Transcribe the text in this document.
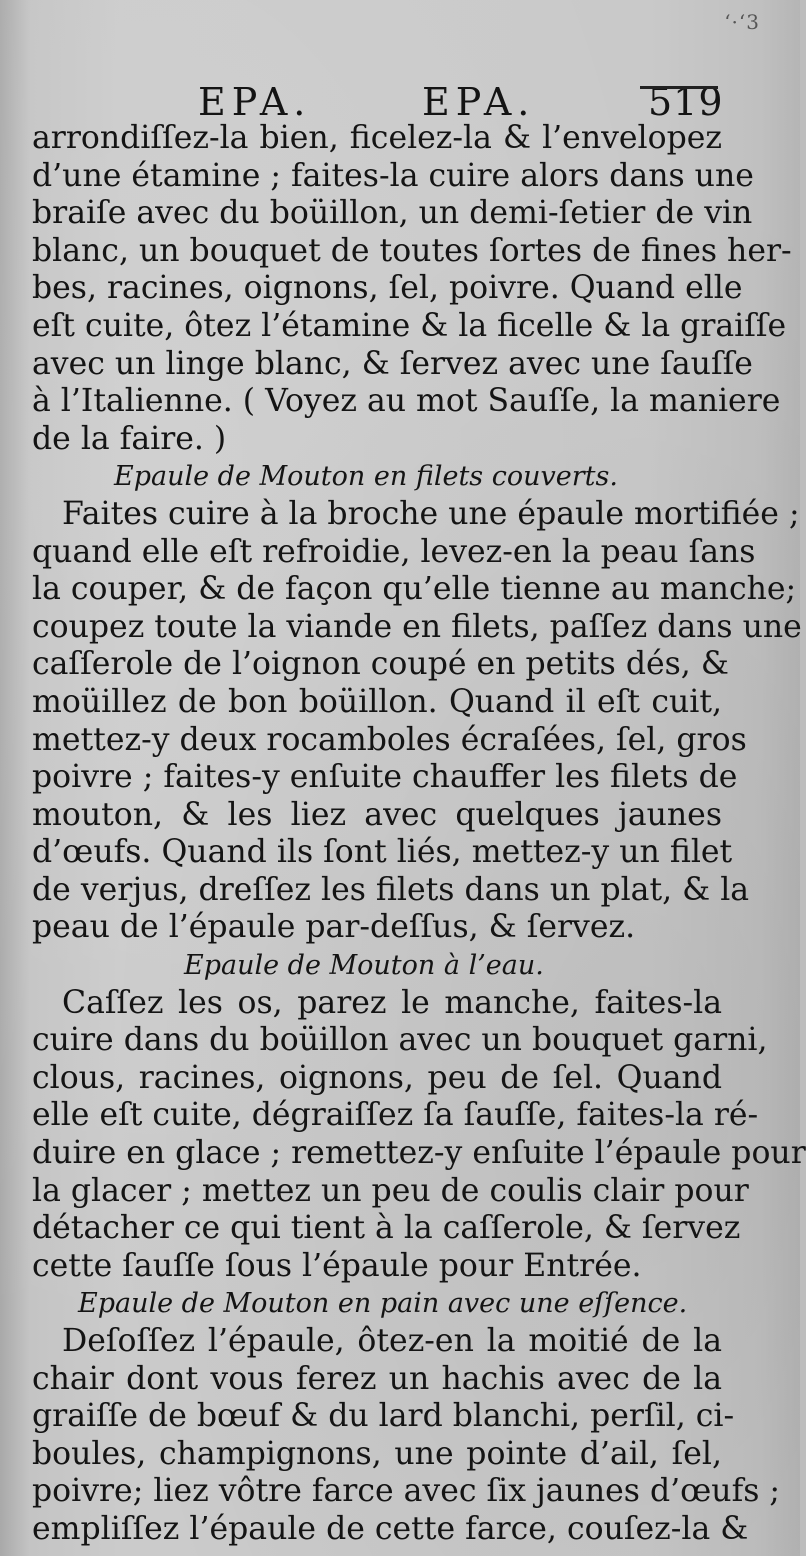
ʻ·ʻ3
EPA.	EPA.	519
arrondiſſez-la bien, ficelez-la & l’envelopez
d’une étamine ; faites-la cuire alors dans une
braiſe avec du boüillon, un demi-ſetier de vin
blanc, un bouquet de toutes ſortes de fines her-
bes, racines, oignons, ſel, poivre. Quand elle
eſt cuite, ôtez l’étamine & la ficelle & la graiſſe
avec un linge blanc, & ſervez avec une ſauſſe
à l’Italienne. ( Voyez au mot Sauſſe, la maniere
de la faire. )
Epaule de Mouton en filets couverts.
Faites cuire à la broche une épaule mortifiée ;
quand elle eſt refroidie, levez-en la peau ſans
la couper, & de façon qu’elle tienne au manche;
coupez toute la viande en filets, paſſez dans une
caſſerole de l’oignon coupé en petits dés, &
moüillez de bon boüillon. Quand il eſt cuit,
mettez-y deux rocamboles écraſées, ſel, gros
poivre ; faites-y enſuite chauffer les filets de
mouton, & les liez avec quelques jaunes
d’œufs. Quand ils ſont liés, mettez-y un filet
de verjus, dreſſez les filets dans un plat, & la
peau de l’épaule par-deſſus, & ſervez.
Epaule de Mouton à l’eau.
Caſſez les os, parez le manche, faites-la
cuire dans du boüillon avec un bouquet garni,
clous, racines, oignons, peu de ſel. Quand
elle eſt cuite, dégraiſſez ſa ſauſſe, faites-la ré-
duire en glace ; remettez-y enſuite l’épaule pour
la glacer ; mettez un peu de coulis clair pour
détacher ce qui tient à la caſſerole, & ſervez
cette ſauſſe ſous l’épaule pour Entrée.
Epaule de Mouton en pain avec une eſſence.
Deſoſſez l’épaule, ôtez-en la moitié de la
chair dont vous ferez un hachis avec de la
graiſſe de bœuf & du lard blanchi, perſil, ci-
boules, champignons, une pointe d’ail, ſel,
poivre; liez vôtre farce avec ſix jaunes d’œufs ;
empliſſez l’épaule de cette farce, couſez-la &
